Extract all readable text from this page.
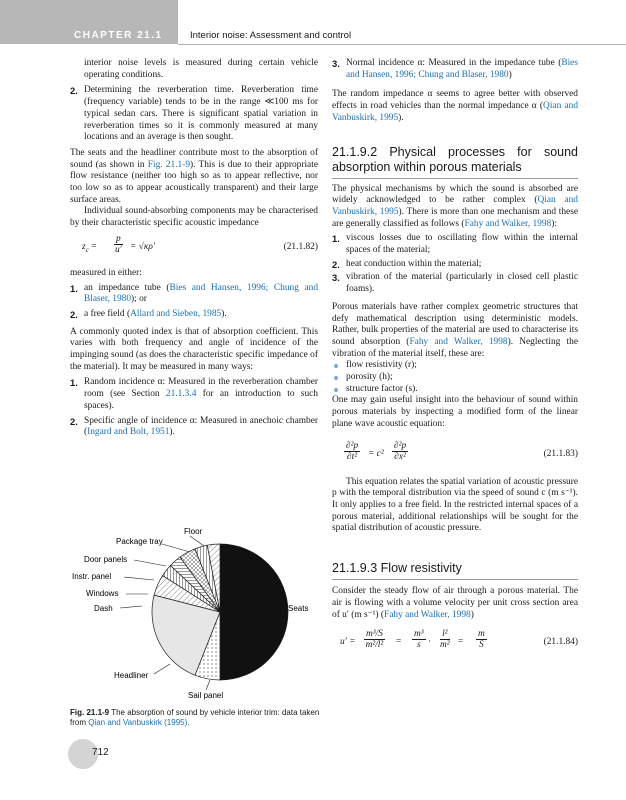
CHAPTER 21.1	Interior noise: Assessment and control

interior noise levels is measured during certain vehicle operating conditions.

2. Determining the reverberation time. Reverberation time (frequency variable) tends to be in the range ≪100 ms for typical sedan cars. There is significant spatial variation in reverberation times so it is commonly measured at many locations and an average is then sought.

The seats and the headliner contribute most to the absorption of sound (as shown in Fig. 21.1-9). This is due to their appropriate flow resistance (neither too high so as to appear reflective, nor too low so as to appear acoustically transparent) and their large surface areas.

Individual sound-absorbing components may be characterised by their characteristic specific acoustic impedance

$z_c = \frac{p}{u'} = √\kappa\rho'$	(21.1.82)

measured in either:

1. an impedance tube (Bies and Hansen, 1996; Chung and Blaser, 1980); or

2. a free field (Allard and Sieben, 1985).

A commonly quoted index is that of absorption coefficient. This varies with both frequency and angle of incidence of the impinging sound (as does the characteristic specific impedance of the material). It may be measured in many ways:

1. Random incidence α: Measured in the reverberation chamber room (see Section 21.1.3.4 for an introduction to such spaces).

2. Specific angle of incidence α: Measured in anechoic chamber (Ingard and Bolt, 1951).

Floor
Package tray
Door panels
Instr. panel
Windows
Dash	Seats
Headliner
Sail panel
Fig. 21.1-9 The absorption of sound by vehicle interior trim: data taken from Qian and Vanbuskirk (1995).

3. Normal incidence α: Measured in the impedance tube (Bies and Hansen, 1996; Chung and Blaser, 1980)

The random impedance α seems to agree better with observed effects in road vehicles than the normal impedance α (Qian and Vanbuskirk, 1995).

21.1.9.2 Physical processes for sound absorption within porous materials

The physical mechanisms by which the sound is absorbed are widely acknowledged to be rather complex (Qian and Vanbuskirk, 1995). There is more than one mechanism and these are generally classified as follows (Fahy and Walker, 1998):

1. viscous losses due to oscillating flow within the internal spaces of the material;

2. heat conduction within the material;

3. vibration of the material (particularly in closed cell plastic foams).

Porous materials have rather complex geometric structures that defy mathematical description using deterministic models. Rather, bulk properties of the material are used to characterise its sound absorption (Fahy and Walker, 1998). Neglecting the vibration of the material itself, these are:

flow resistivity (r);

porosity (h);

structure factor (s).

One may gain useful insight into the behaviour of sound within porous materials by inspecting a modified form of the linear plane wave acoustic equation:

$\frac{\text{∂²p}}{\text{∂t²}} = c^2 \frac{\text{∂²p}}{\text{∂x²}}$	(21.1.83)

This equation relates the spatial variation of acoustic pressure p with the temporal distribution via the speed of sound c (m s⁻¹). It only applies to a free field. In the restricted internal spaces of a porous material, additional relationships will be sought for the spatial distribution of acoustic pressure.

21.1.9.3 Flow resistivity

Consider the steady flow of air through a porous material. The air is flowing with a volume velocity per unit cross section area of u′ (m s⁻¹) (Fahy and Walker, 1998)

$u' = \frac{\text{m³/S}}{\text{m²/l²}} = \frac{\text{m³}}{s} \cdot \frac{\text{l²}}{\text{m²}} = \frac{m}{S}$	(21.1.84)
712
